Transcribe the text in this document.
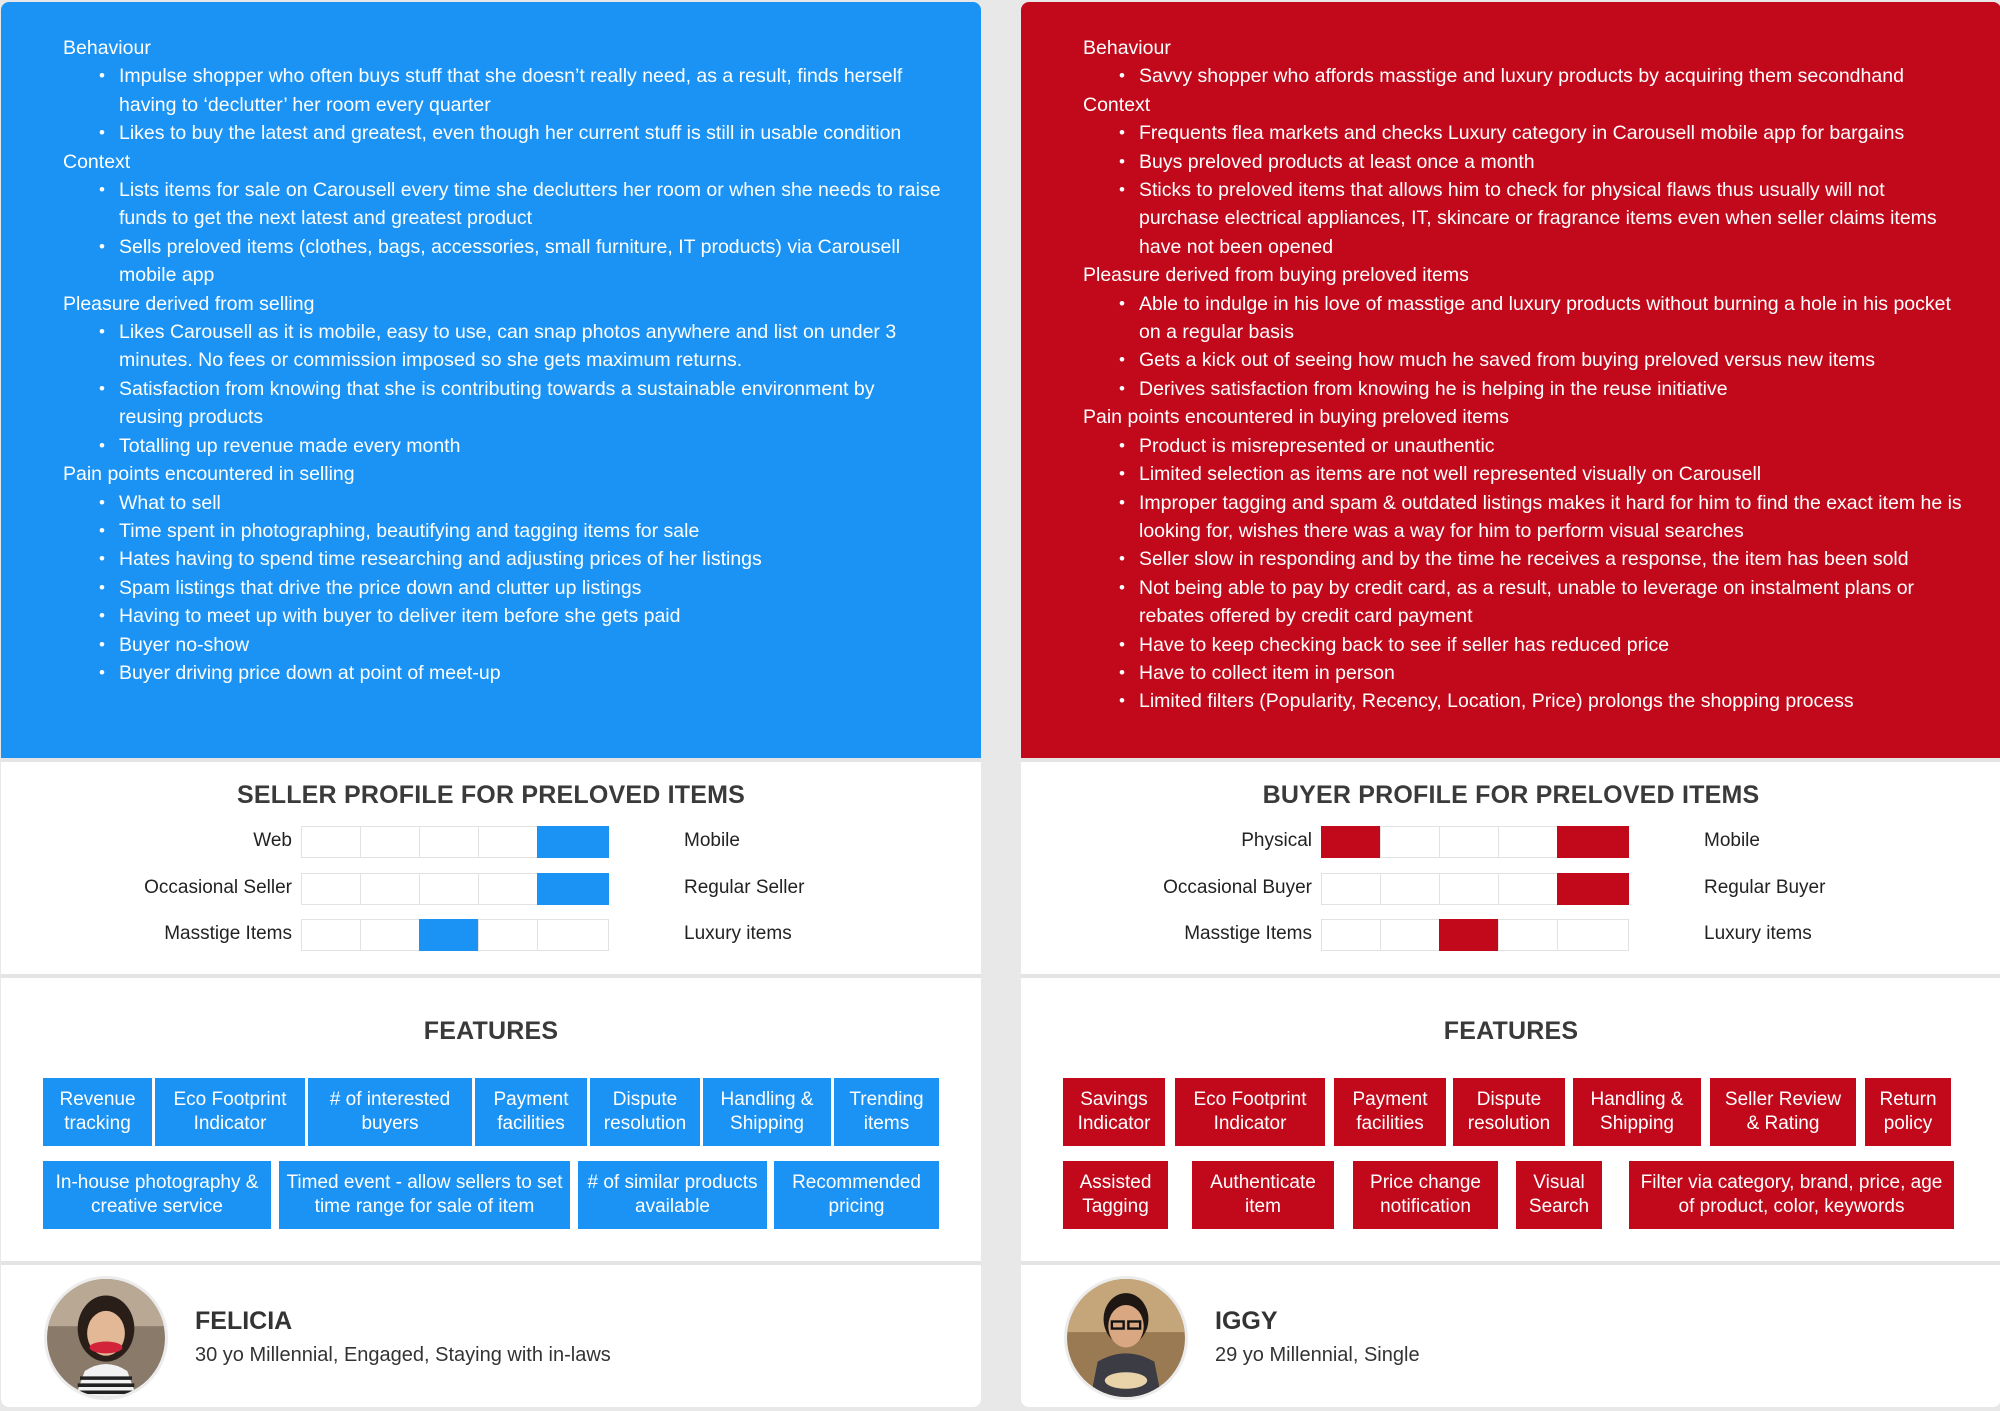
Behaviour
• Impulse shopper who often buys stuff that she doesn’t really need, as a result, finds herself having to ‘declutter’ her room every quarter
• Likes to buy the latest and greatest, even though her current stuff is still in usable condition
Context
• Lists items for sale on Carousell every time she declutters her room or when she needs to raise funds to get the next latest and greatest product
• Sells preloved items (clothes, bags, accessories, small furniture, IT products) via Carousell mobile app
Pleasure derived from selling
• Likes Carousell as it is mobile, easy to use, can snap photos anywhere and list on under 3 minutes. No fees or commission imposed so she gets maximum returns.
• Satisfaction from knowing that she is contributing towards a sustainable environment by reusing products
• Totalling up revenue made every month
Pain points encountered in selling
• What to sell
• Time spent in photographing, beautifying and tagging items for sale
• Hates having to spend time researching and adjusting prices of her listings
• Spam listings that drive the price down and clutter up listings
• Having to meet up with buyer to deliver item before she gets paid
• Buyer no-show
• Buyer driving price down at point of meet-up
SELLER PROFILE FOR PRELOVED ITEMS
Web	Mobile
Occasional Seller	Regular Seller
Masstige Items	Luxury items
FEATURES
Revenue tracking
Eco Footprint Indicator
# of interested buyers
Payment facilities
Dispute resolution
Handling & Shipping
Trending items
In-house photography & creative service
Timed event - allow sellers to set time range for sale of item
# of similar products available
Recommended pricing
FELICIA
30 yo Millennial, Engaged, Staying with in-laws
Behaviour
• Savvy shopper who affords masstige and luxury products by acquiring them secondhand
Context
• Frequents flea markets and checks Luxury category in Carousell mobile app for bargains
• Buys preloved products at least once a month
• Sticks to preloved items that allows him to check for physical flaws thus usually will not purchase electrical appliances, IT, skincare or fragrance items even when seller claims items have not been opened
Pleasure derived from buying preloved items
• Able to indulge in his love of masstige and luxury products without burning a hole in his pocket on a regular basis
• Gets a kick out of seeing how much he saved from buying preloved versus new items
• Derives satisfaction from knowing he is helping in the reuse initiative
Pain points encountered in buying preloved items
• Product is misrepresented or unauthentic
• Limited selection as items are not well represented visually on Carousell
• Improper tagging and spam & outdated listings makes it hard for him to find the exact item he is looking for, wishes there was a way for him to perform visual searches
• Seller slow in responding and by the time he receives a response, the item has been sold
• Not being able to pay by credit card, as a result, unable to leverage on instalment plans or rebates offered by credit card payment
• Have to keep checking back to see if seller has reduced price
• Have to collect item in person
• Limited filters (Popularity, Recency, Location, Price) prolongs the shopping process
BUYER PROFILE FOR PRELOVED ITEMS
Physical	Mobile
Occasional Buyer	Regular Buyer
Masstige Items	Luxury items
FEATURES
Savings Indicator
Eco Footprint Indicator
Payment facilities
Dispute resolution
Handling & Shipping
Seller Review & Rating
Return policy
Assisted Tagging
Authenticate item
Price change notification
Visual Search
Filter via category, brand, price, age of product, color, keywords
IGGY
29 yo Millennial, Single
